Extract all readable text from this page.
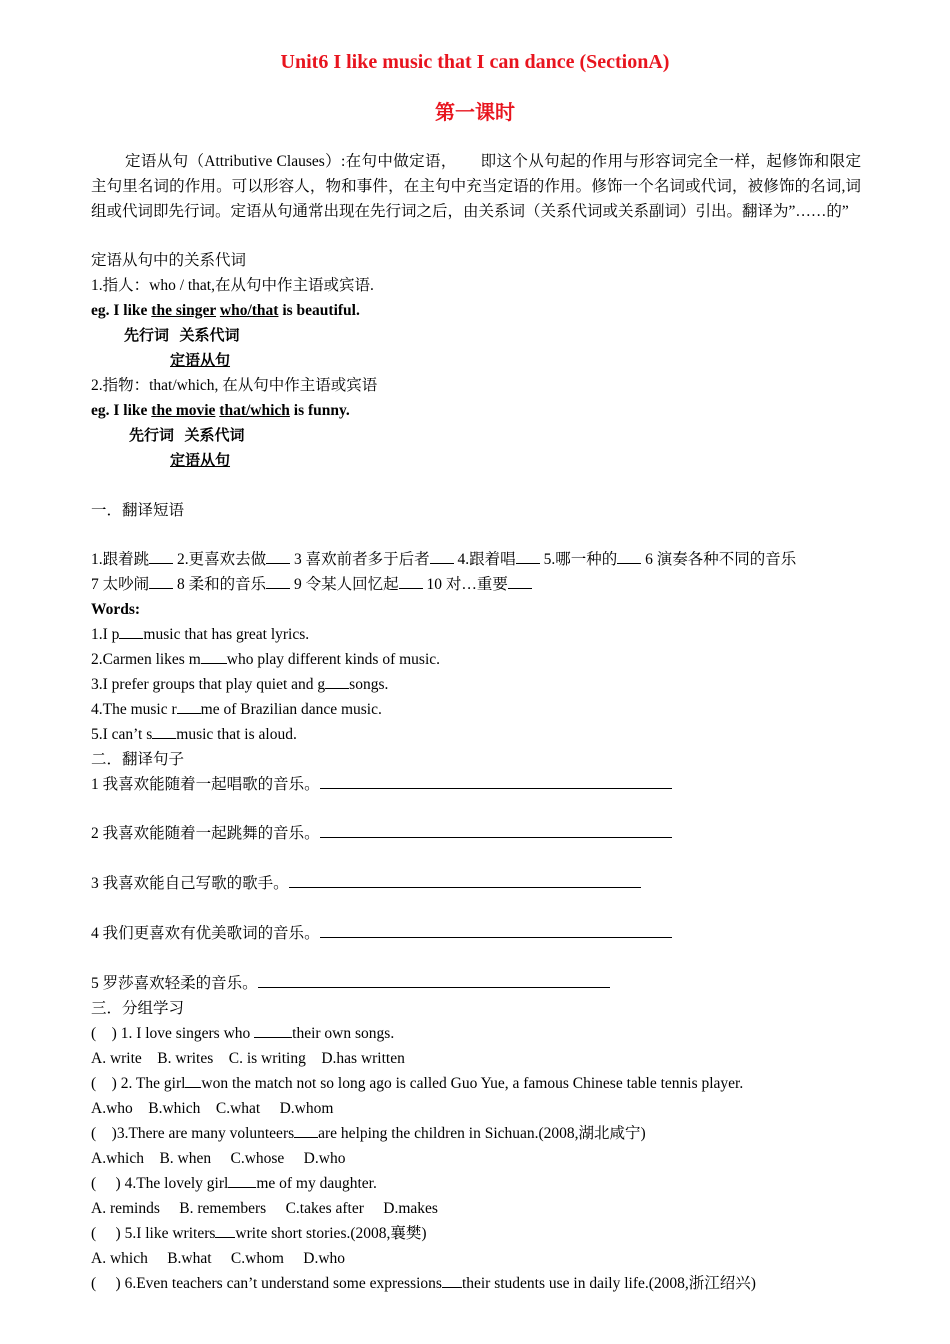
Unit6 I like music that I can dance (SectionA)
第一课时

定语从句（Attributive Clauses）:在句中做定语，　　即这个从句起的作用与形容词完全一样，起修饰和限定主句里名词的作用。可以形容人，物和事件，在主句中充当定语的作用。修饰一个名词或代词，被修饰的名词,词组或代词即先行词。定语从句通常出现在先行词之后，由关系词（关系代词或关系副词）引出。翻译为”……的”

定语从句中的关系代词
1.指人：who / that,在从句中作主语或宾语.
eg. I like the singer who/that is beautiful.
先行词 关系代词
定语从句
2.指物：that/which, 在从句中作主语或宾语
eg. I like the movie that/which is funny.
先行词 关系代词
定语从句
一．翻译短语
1.跟着跳 2.更喜欢去做 3 喜欢前者多于后者 4.跟着唱 5.哪一种的 6 演奏各种不同的音乐
7 太吵闹 8 柔和的音乐 9 令某人回忆起 10 对…重要
Words:
1.I p music that has great lyrics.
2.Carmen likes m who play different kinds of music.
3.I prefer groups that play quiet and g songs.
4.The music r me of Brazilian dance music.
5.I can’t s music that is aloud.
二．翻译句子
1 我喜欢能随着一起唱歌的音乐。
2 我喜欢能随着一起跳舞的音乐。
3 我喜欢能自己写歌的歌手。
4 我们更喜欢有优美歌词的音乐。
5 罗莎喜欢轻柔的音乐。
三．分组学习
(　) 1. I love singers who their own songs.
A. write　B. writes　C. is writing　D.has written
(　) 2. The girl won the match not so long ago is called Guo Yue, a famous Chinese table tennis player.
A.who　B.which　C.what　 D.whom
(　)3.There are many volunteers are helping the children in Sichuan.(2008,湖北咸宁)
A.which　B. when　 C.whose　 D.who
(　 ) 4.The lovely girl me of my daughter.
A. reminds　 B. remembers　 C.takes after　 D.makes
(　 ) 5.I like writers write short stories.(2008,襄樊)
A. which　 B.what　 C.whom　 D.who
(　 ) 6.Even teachers can’t understand some expressions their students use in daily life.(2008,浙江绍兴)
